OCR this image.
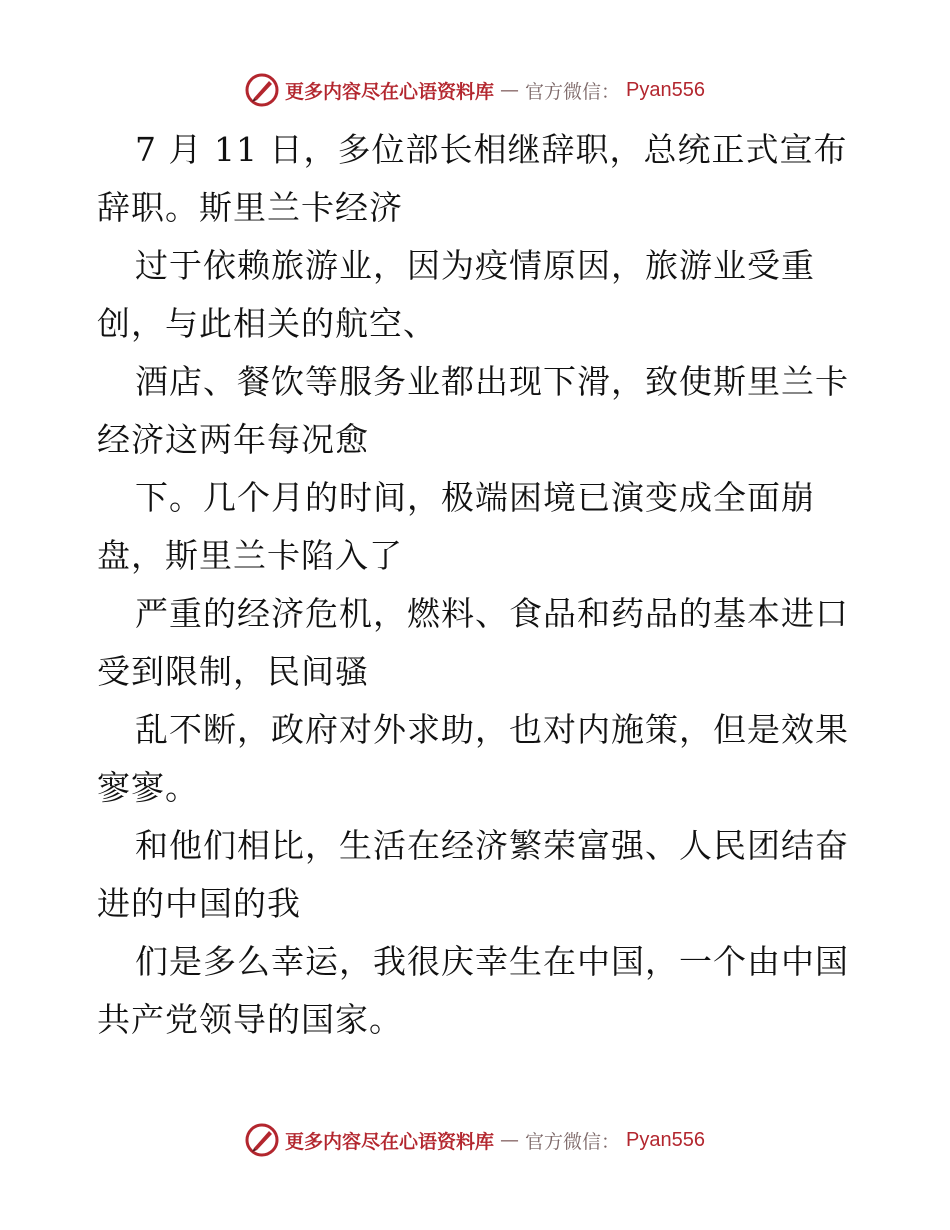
更多内容尽在心语资料库 — 官方微信： Pyan556
7 月 11 日，多位部长相继辞职，总统正式宣布
辞职。斯里兰卡经济
过于依赖旅游业，因为疫情原因，旅游业受重
创，与此相关的航空、
酒店、餐饮等服务业都出现下滑，致使斯里兰卡
经济这两年每况愈
下。几个月的时间，极端困境已演变成全面崩
盘，斯里兰卡陷入了
严重的经济危机，燃料、食品和药品的基本进口
受到限制，民间骚
乱不断，政府对外求助，也对内施策，但是效果
寥寥。
和他们相比，生活在经济繁荣富强、人民团结奋
进的中国的我
们是多么幸运，我很庆幸生在中国，一个由中国
共产党领导的国家。
更多内容尽在心语资料库 — 官方微信： Pyan556
